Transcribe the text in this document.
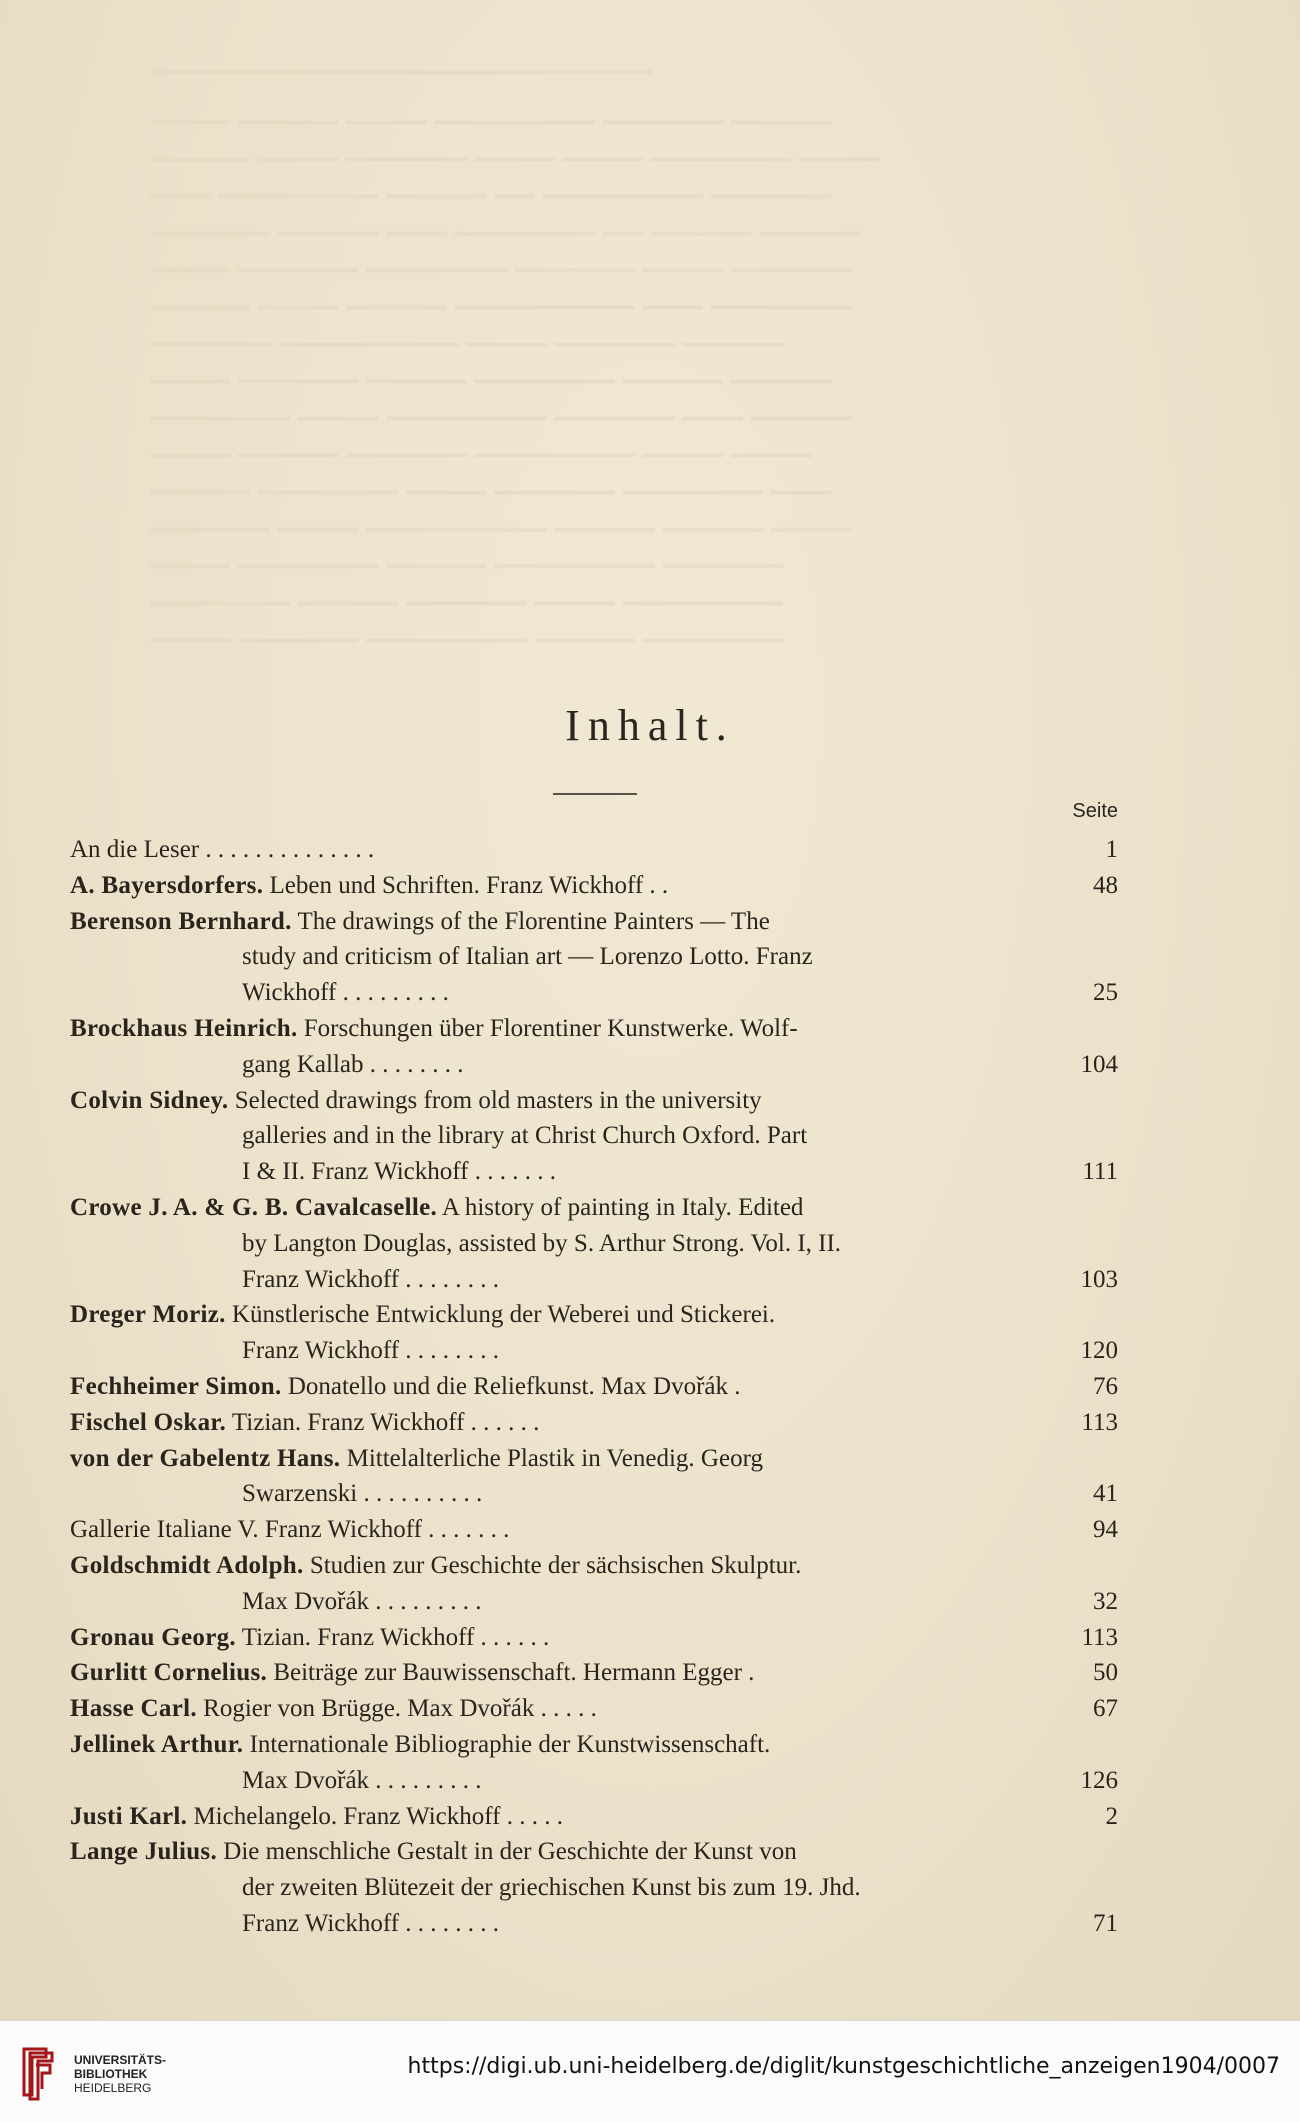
━━━━━━━━━━━━━━━━━━━━━━━━━━━━━━━━
▁▁▁▁ ▁▁▁▁▁ ▁▁▁▁ ▁▁▁▁▁▁▁▁ ▁▁▁▁▁▁ ▁▁▁▁▁
▁▁▁▁▁ ▁▁▁▁ ▁▁▁▁▁▁ ▁▁▁▁ ▁▁▁▁ ▁▁▁▁▁▁▁ ▁▁▁▁
▁▁▁ ▁▁▁▁▁▁▁▁ ▁▁▁▁▁ ▁▁ ▁▁▁▁▁▁▁▁ ▁▁▁▁▁▁
▁▁▁▁▁▁ ▁▁▁▁▁ ▁▁▁ ▁▁▁▁▁▁▁ ▁▁ ▁▁▁▁▁ ▁▁▁▁▁
▁▁▁▁ ▁▁▁▁▁▁ ▁▁▁▁▁▁▁ ▁▁▁▁▁▁ ▁▁▁▁ ▁▁▁▁▁▁
▁▁▁▁▁ ▁▁▁▁ ▁▁▁▁▁ ▁▁▁▁▁▁▁▁▁ ▁▁▁ ▁▁▁▁▁▁▁
▁▁▁▁▁▁ ▁▁▁▁▁▁▁▁▁ ▁▁▁▁ ▁▁▁▁▁▁ ▁▁▁▁▁
▁▁▁▁ ▁▁▁▁▁▁ ▁▁▁▁▁ ▁▁▁▁▁▁▁ ▁▁▁▁▁ ▁▁▁▁▁
▁▁▁▁▁▁▁ ▁▁▁▁ ▁▁▁▁▁▁▁▁ ▁▁▁▁▁▁ ▁▁▁ ▁▁▁▁▁
▁▁▁▁ ▁▁▁▁▁ ▁▁▁▁▁▁ ▁▁▁▁▁▁▁▁ ▁▁▁▁ ▁▁▁▁
▁▁▁▁▁ ▁▁▁▁▁▁▁ ▁▁▁▁ ▁▁▁▁▁▁ ▁▁▁▁▁▁▁ ▁▁▁
▁▁▁▁▁▁ ▁▁▁▁ ▁▁▁▁▁▁▁▁▁ ▁▁▁▁▁ ▁▁▁▁▁ ▁▁▁▁
▁▁▁▁ ▁▁▁▁▁▁▁ ▁▁▁▁▁ ▁▁▁▁▁▁▁▁ ▁▁▁▁▁▁
▁▁▁▁▁▁▁ ▁▁▁▁▁ ▁▁▁▁▁▁ ▁▁▁▁ ▁▁▁▁▁▁▁▁
▁▁▁▁ ▁▁▁▁▁▁ ▁▁▁▁▁▁▁▁ ▁▁▁▁▁ ▁▁▁▁▁▁▁
Inhalt.
Seite
An die Leser . . . . . . . . . . . . . .	1
A. Bayersdorfers. Leben und Schriften. Franz Wickhoff . .	48
Berenson Bernhard. The drawings of the Florentine Painters — The
study and criticism of Italian art — Lorenzo Lotto. Franz
Wickhoff . . . . . . . . .	25
Brockhaus Heinrich. Forschungen über Florentiner Kunstwerke. Wolf-
gang Kallab . . . . . . . .	104
Colvin Sidney. Selected drawings from old masters in the university
galleries and in the library at Christ Church Oxford. Part
I & II. Franz Wickhoff . . . . . . .	111
Crowe J. A. & G. B. Cavalcaselle. A history of painting in Italy. Edited
by Langton Douglas, assisted by S. Arthur Strong. Vol. I, II.
Franz Wickhoff . . . . . . . .	103
Dreger Moriz. Künstlerische Entwicklung der Weberei und Stickerei.
Franz Wickhoff . . . . . . . .	120
Fechheimer Simon. Donatello und die Reliefkunst. Max Dvořák .	76
Fischel Oskar. Tizian. Franz Wickhoff . . . . . .	113
von der Gabelentz Hans. Mittelalterliche Plastik in Venedig. Georg
Swarzenski . . . . . . . . . .	41
Gallerie Italiane V. Franz Wickhoff . . . . . . .	94
Goldschmidt Adolph. Studien zur Geschichte der sächsischen Skulptur.
Max Dvořák . . . . . . . . .	32
Gronau Georg. Tizian. Franz Wickhoff . . . . . .	113
Gurlitt Cornelius. Beiträge zur Bauwissenschaft. Hermann Egger .	50
Hasse Carl. Rogier von Brügge. Max Dvořák . . . . .	67
Jellinek Arthur. Internationale Bibliographie der Kunstwissenschaft.
Max Dvořák . . . . . . . . .	126
Justi Karl. Michelangelo. Franz Wickhoff . . . . .	2
Lange Julius. Die menschliche Gestalt in der Geschichte der Kunst von
der zweiten Blütezeit der griechischen Kunst bis zum 19. Jhd.
Franz Wickhoff . . . . . . . .	71
UNIVERSITÄTS-
BIBLIOTHEK
HEIDELBERG
https://digi.ub.uni-heidelberg.de/diglit/kunstgeschichtliche_anzeigen1904/0007
